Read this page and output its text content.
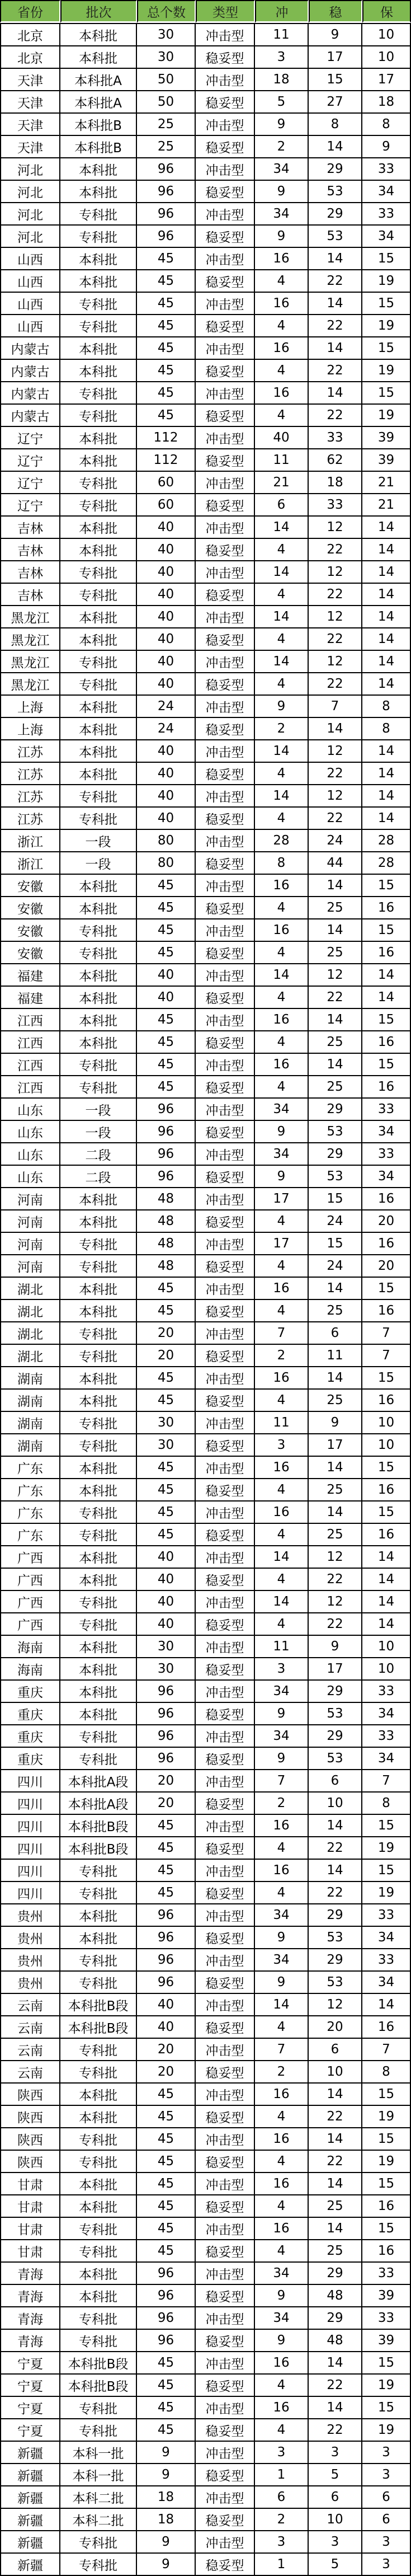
省份	批次	总个数	类型	冲	稳	保
北京	本科批	30	冲击型	11	9	10
北京	本科批	30	稳妥型	3	17	10
天津	本科批A	50	冲击型	18	15	17
天津	本科批A	50	稳妥型	5	27	18
天津	本科批B	25	冲击型	9	8	8
天津	本科批B	25	稳妥型	2	14	9
河北	本科批	96	冲击型	34	29	33
河北	本科批	96	稳妥型	9	53	34
河北	专科批	96	冲击型	34	29	33
河北	专科批	96	稳妥型	9	53	34
山西	本科批	45	冲击型	16	14	15
山西	本科批	45	稳妥型	4	22	19
山西	专科批	45	冲击型	16	14	15
山西	专科批	45	稳妥型	4	22	19
内蒙古	本科批	45	冲击型	16	14	15
内蒙古	本科批	45	稳妥型	4	22	19
内蒙古	专科批	45	冲击型	16	14	15
内蒙古	专科批	45	稳妥型	4	22	19
辽宁	本科批	112	冲击型	40	33	39
辽宁	本科批	112	稳妥型	11	62	39
辽宁	专科批	60	冲击型	21	18	21
辽宁	专科批	60	稳妥型	6	33	21
吉林	本科批	40	冲击型	14	12	14
吉林	本科批	40	稳妥型	4	22	14
吉林	专科批	40	冲击型	14	12	14
吉林	专科批	40	稳妥型	4	22	14
黑龙江	本科批	40	冲击型	14	12	14
黑龙江	本科批	40	稳妥型	4	22	14
黑龙江	专科批	40	冲击型	14	12	14
黑龙江	专科批	40	稳妥型	4	22	14
上海	本科批	24	冲击型	9	7	8
上海	本科批	24	稳妥型	2	14	8
江苏	本科批	40	冲击型	14	12	14
江苏	本科批	40	稳妥型	4	22	14
江苏	专科批	40	冲击型	14	12	14
江苏	专科批	40	稳妥型	4	22	14
浙江	一段	80	冲击型	28	24	28
浙江	一段	80	稳妥型	8	44	28
安徽	本科批	45	冲击型	16	14	15
安徽	本科批	45	稳妥型	4	25	16
安徽	专科批	45	冲击型	16	14	15
安徽	专科批	45	稳妥型	4	25	16
福建	本科批	40	冲击型	14	12	14
福建	本科批	40	稳妥型	4	22	14
江西	本科批	45	冲击型	16	14	15
江西	本科批	45	稳妥型	4	25	16
江西	专科批	45	冲击型	16	14	15
江西	专科批	45	稳妥型	4	25	16
山东	一段	96	冲击型	34	29	33
山东	一段	96	稳妥型	9	53	34
山东	二段	96	冲击型	34	29	33
山东	二段	96	稳妥型	9	53	34
河南	本科批	48	冲击型	17	15	16
河南	本科批	48	稳妥型	4	24	20
河南	专科批	48	冲击型	17	15	16
河南	专科批	48	稳妥型	4	24	20
湖北	本科批	45	冲击型	16	14	15
湖北	本科批	45	稳妥型	4	25	16
湖北	专科批	20	冲击型	7	6	7
湖北	专科批	20	稳妥型	2	11	7
湖南	本科批	45	冲击型	16	14	15
湖南	本科批	45	稳妥型	4	25	16
湖南	专科批	30	冲击型	11	9	10
湖南	专科批	30	稳妥型	3	17	10
广东	本科批	45	冲击型	16	14	15
广东	本科批	45	稳妥型	4	25	16
广东	专科批	45	冲击型	16	14	15
广东	专科批	45	稳妥型	4	25	16
广西	本科批	40	冲击型	14	12	14
广西	本科批	40	稳妥型	4	22	14
广西	专科批	40	冲击型	14	12	14
广西	专科批	40	稳妥型	4	22	14
海南	本科批	30	冲击型	11	9	10
海南	本科批	30	稳妥型	3	17	10
重庆	本科批	96	冲击型	34	29	33
重庆	本科批	96	稳妥型	9	53	34
重庆	专科批	96	冲击型	34	29	33
重庆	专科批	96	稳妥型	9	53	34
四川	本科批A段	20	冲击型	7	6	7
四川	本科批A段	20	稳妥型	2	10	8
四川	本科批B段	45	冲击型	16	14	15
四川	本科批B段	45	稳妥型	4	22	19
四川	专科批	45	冲击型	16	14	15
四川	专科批	45	稳妥型	4	22	19
贵州	本科批	96	冲击型	34	29	33
贵州	本科批	96	稳妥型	9	53	34
贵州	专科批	96	冲击型	34	29	33
贵州	专科批	96	稳妥型	9	53	34
云南	本科批B段	40	冲击型	14	12	14
云南	本科批B段	40	稳妥型	4	20	16
云南	专科批	20	冲击型	7	6	7
云南	专科批	20	稳妥型	2	10	8
陕西	本科批	45	冲击型	16	14	15
陕西	本科批	45	稳妥型	4	22	19
陕西	专科批	45	冲击型	16	14	15
陕西	专科批	45	稳妥型	4	22	19
甘肃	本科批	45	冲击型	16	14	15
甘肃	本科批	45	稳妥型	4	25	16
甘肃	专科批	45	冲击型	16	14	15
甘肃	专科批	45	稳妥型	4	25	16
青海	本科批	96	冲击型	34	29	33
青海	本科批	96	稳妥型	9	48	39
青海	专科批	96	冲击型	34	29	33
青海	专科批	96	稳妥型	9	48	39
宁夏	本科批B段	45	冲击型	16	14	15
宁夏	本科批B段	45	稳妥型	4	22	19
宁夏	专科批	45	冲击型	16	14	15
宁夏	专科批	45	稳妥型	4	22	19
新疆	本科一批	9	冲击型	3	3	3
新疆	本科一批	9	稳妥型	1	5	3
新疆	本科二批	18	冲击型	6	6	6
新疆	本科二批	18	稳妥型	2	10	6
新疆	专科批	9	冲击型	3	3	3
新疆	专科批	9	稳妥型	1	5	3
